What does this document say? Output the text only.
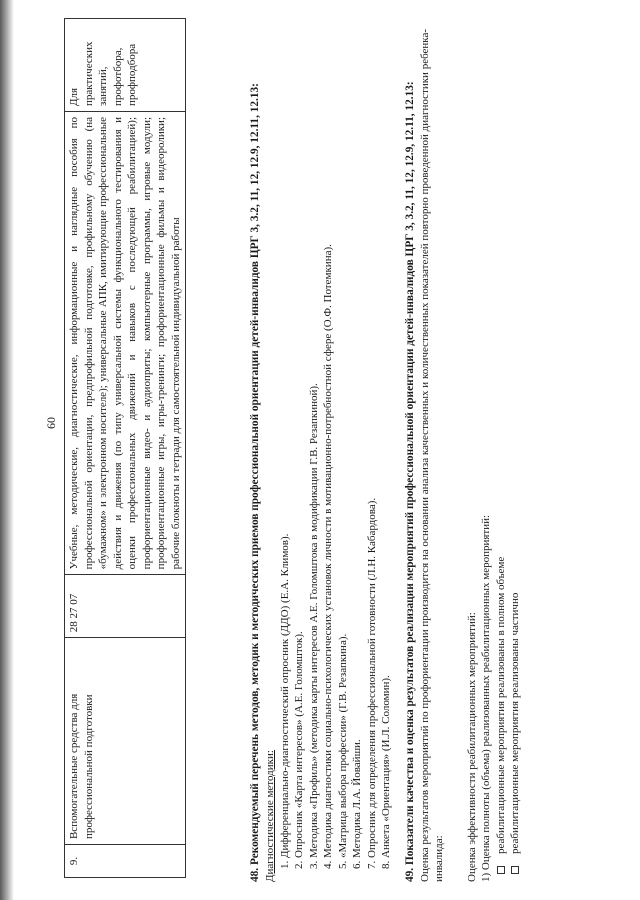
60
9.	Вспомогательные средства для профессиональной подготовки	28 27 07	Учебные, методические, диагностические, информационные и наглядные пособия по профессиональной ориентации, предпрофильной подготовке, профильному обучению (на «бумажном» и электронном носителе); универсальные АПК, имитирующие профессиональные действия и движения (по типу универсальной системы функционального тестирования и оценки профессиональных движений и навыков с последующей реабилитацией); профориентационные видео- и аудиоприты; компьютерные программы, игровые модули; профориентационные игры, игры-тренинги; профориентационные фильмы и видеоролики; рабочие блокноты и тетради для самостоятельной индивидуальной работы	Для практических занятий, профотбора, профподбора

48. Рекомендуемый перечень методов, методик и методических приемов профессиональной ориентации детей-инвалидов ЦРГ 3, 3.2, 11, 12, 12.9, 12.11, 12.13: Диагностические методики: 1. Дифференциально-диагностический опросник (ДДО) (Е.А. Климов). 2. Опросник «Карта интересов» (А.Е. Голомшток). 3. Методика «Профиль» (методика карты интересов А.Е. Голомштока в модификации Г.В. Резапкиной). 4. Методика диагностики социально-психологических установок личности в мотивационно-потребностной сфере (О.Ф. Потемкина). 5. «Матрица выбора профессии» (Г.В. Резапкина). 6. Методика Л.А. Йовайши. 7. Опросник для определения профессиональной готовности (Л.Н. Кабардова). 8. Анкета «Ориентация» (И.Л. Соломин). 49. Показатели качества и оценка результатов реализации мероприятий профессиональной ориентации детей-инвалидов ЦРГ 3, 3.2, 11, 12, 12.9, 12.11, 12.13: Оценка результатов мероприятий по профориентации производится на основании анализа качественных и количественных показателей повторно проведенной диагностики ребенка-инвалида: Оценка эффективности реабилитационных мероприятий: 1) Оценка полноты (объема) реализованных реабилитационных мероприятий: реабилитационные мероприятия реализованы в полном объеме реабилитационные мероприятия реализованы частично
